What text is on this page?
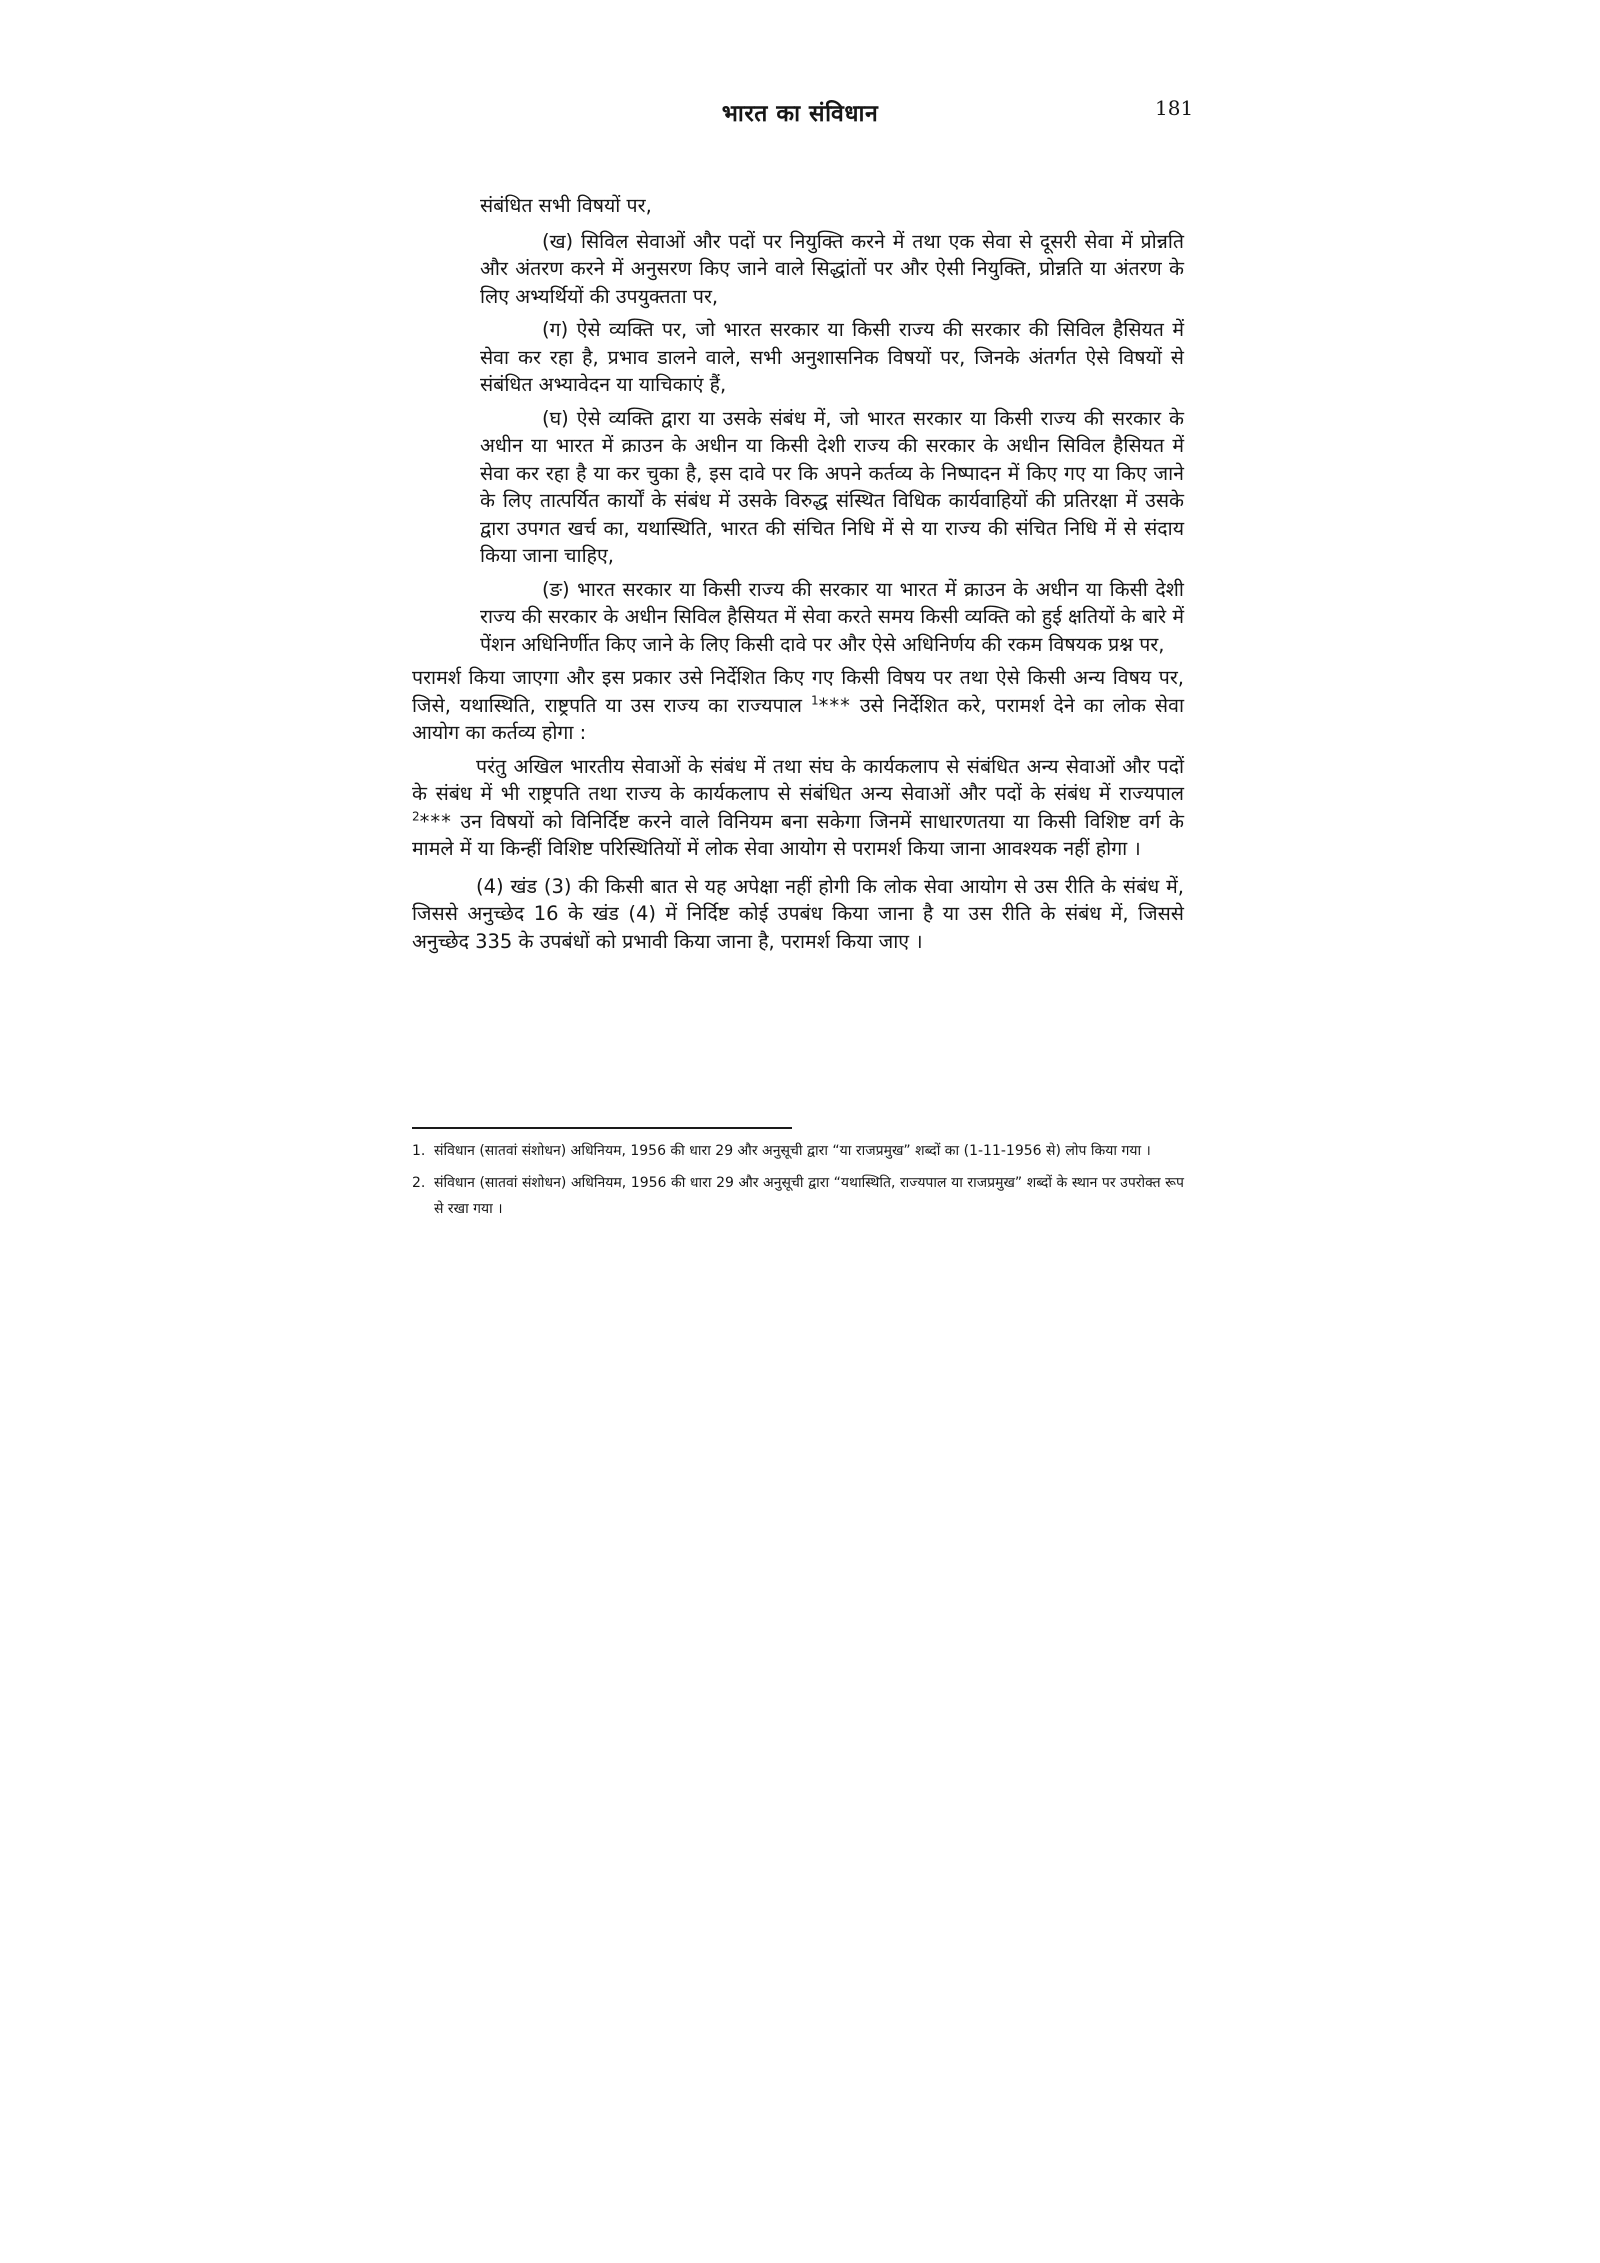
भारत का संविधान	181

संबंधित सभी विषयों पर,

(ख) सिविल सेवाओं और पदों पर नियुक्ति करने में तथा एक सेवा से दूसरी सेवा में प्रोन्नति और अंतरण करने में अनुसरण किए जाने वाले सिद्धांतों पर और ऐसी नियुक्ति, प्रोन्नति या अंतरण के लिए अभ्यर्थियों की उपयुक्तता पर,

(ग) ऐसे व्यक्ति पर, जो भारत सरकार या किसी राज्य की सरकार की सिविल हैसियत में सेवा कर रहा है, प्रभाव डालने वाले, सभी अनुशासनिक विषयों पर, जिनके अंतर्गत ऐसे विषयों से संबंधित अभ्यावेदन या याचिकाएं हैं,

(घ) ऐसे व्यक्ति द्वारा या उसके संबंध में, जो भारत सरकार या किसी राज्य की सरकार के अधीन या भारत में क्राउन के अधीन या किसी देशी राज्य की सरकार के अधीन सिविल हैसियत में सेवा कर रहा है या कर चुका है, इस दावे पर कि अपने कर्तव्य के निष्पादन में किए गए या किए जाने के लिए तात्पर्यित कार्यों के संबंध में उसके विरुद्ध संस्थित विधिक कार्यवाहियों की प्रतिरक्षा में उसके द्वारा उपगत खर्च का, यथास्थिति, भारत की संचित निधि में से या राज्य की संचित निधि में से संदाय किया जाना चाहिए,

(ङ) भारत सरकार या किसी राज्य की सरकार या भारत में क्राउन के अधीन या किसी देशी राज्य की सरकार के अधीन सिविल हैसियत में सेवा करते समय किसी व्यक्ति को हुई क्षतियों के बारे में पेंशन अधिनिर्णीत किए जाने के लिए किसी दावे पर और ऐसे अधिनिर्णय की रकम विषयक प्रश्न पर,

परामर्श किया जाएगा और इस प्रकार उसे निर्देशित किए गए किसी विषय पर तथा ऐसे किसी अन्य विषय पर, जिसे, यथास्थिति, राष्ट्रपति या उस राज्य का राज्यपाल $^1$*** उसे निर्देशित करे, परामर्श देने का लोक सेवा आयोग का कर्तव्य होगा :

परंतु अखिल भारतीय सेवाओं के संबंध में तथा संघ के कार्यकलाप से संबंधित अन्य सेवाओं और पदों के संबंध में भी राष्ट्रपति तथा राज्य के कार्यकलाप से संबंधित अन्य सेवाओं और पदों के संबंध में राज्यपाल $^2$*** उन विषयों को विनिर्दिष्ट करने वाले विनियम बना सकेगा जिनमें साधारणतया या किसी विशिष्ट वर्ग के मामले में या किन्हीं विशिष्ट परिस्थितियों में लोक सेवा आयोग से परामर्श किया जाना आवश्यक नहीं होगा ।

(4) खंड (3) की किसी बात से यह अपेक्षा नहीं होगी कि लोक सेवा आयोग से उस रीति के संबंध में, जिससे अनुच्छेद 16 के खंड (4) में निर्दिष्ट कोई उपबंध किया जाना है या उस रीति के संबंध में, जिससे अनुच्छेद 335 के उपबंधों को प्रभावी किया जाना है, परामर्श किया जाए ।

1. संविधान (सातवां संशोधन) अधिनियम, 1956 की धारा 29 और अनुसूची द्वारा “या राजप्रमुख” शब्दों का (1-11-1956 से) लोप किया गया ।

2. संविधान (सातवां संशोधन) अधिनियम, 1956 की धारा 29 और अनुसूची द्वारा “यथास्थिति, राज्यपाल या राजप्रमुख” शब्दों के स्थान पर उपरोक्त रूप से रखा गया ।
